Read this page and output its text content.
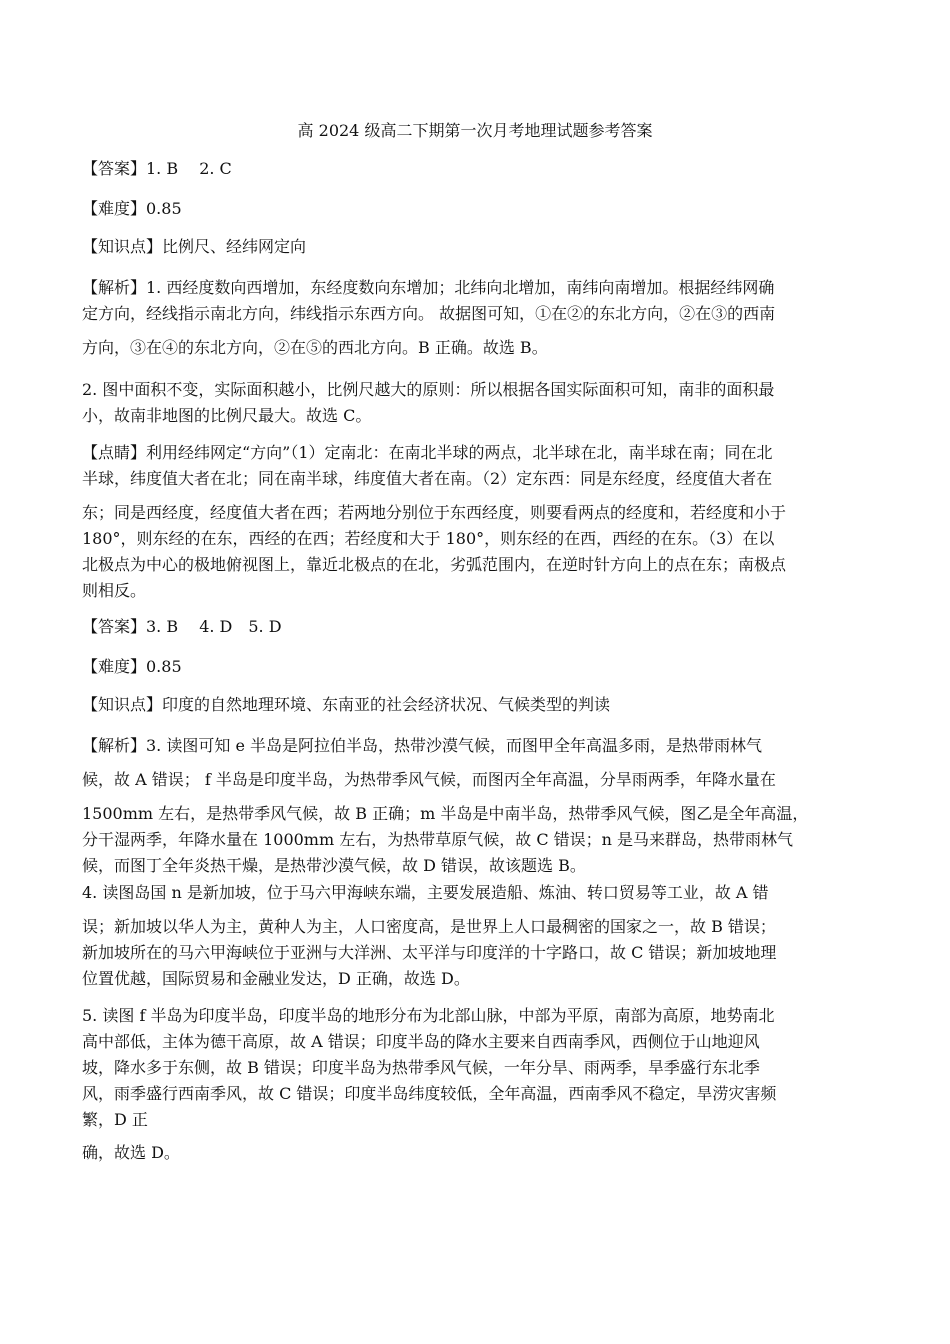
高 2024 级高二下期第一次月考地理试题参考答案

【答案】1. B　 2. C

【难度】0.85

【知识点】比例尺、经纬网定向

【解析】1. 西经度数向西增加，东经度数向东增加；北纬向北增加，南纬向南增加。根据经纬网确
定方向，经线指示南北方向，纬线指示东西方向。 故据图可知，①在②的东北方向，②在③的西南
方向，③在④的东北方向，②在⑤的西北方向。B 正确。故选 B。

2. 图中面积不变，实际面积越小，比例尺越大的原则：所以根据各国实际面积可知，南非的面积最
小，故南非地图的比例尺最大。故选 C。

【点睛】利用经纬网定“方向”（1）定南北：在南北半球的两点，北半球在北，南半球在南；同在北
半球，纬度值大者在北；同在南半球，纬度值大者在南。（2）定东西：同是东经度，经度值大者在
东；同是西经度，经度值大者在西；若两地分别位于东西经度，则要看两点的经度和，若经度和小于
180°，则东经的在东，西经的在西；若经度和大于 180°，则东经的在西，西经的在东。（3）在以
北极点为中心的极地俯视图上，靠近北极点的在北，劣弧范围内，在逆时针方向上的点在东；南极点
则相反。

【答案】3. B　 4. D　5. D

【难度】0.85

【知识点】印度的自然地理环境、东南亚的社会经济状况、气候类型的判读

【解析】3. 读图可知 e 半岛是阿拉伯半岛，热带沙漠气候，而图甲全年高温多雨，是热带雨林气
候，故 A 错误； f 半岛是印度半岛，为热带季风气候，而图丙全年高温，分旱雨两季，年降水量在
1500mm 左右，是热带季风气候，故 B 正确；m 半岛是中南半岛，热带季风气候，图乙是全年高温，
分干湿两季，年降水量在 1000mm 左右，为热带草原气候，故 C 错误；n 是马来群岛，热带雨林气
候，而图丁全年炎热干燥，是热带沙漠气候，故 D 错误，故该题选 B。

4. 读图岛国 n 是新加坡，位于马六甲海峡东端，主要发展造船、炼油、转口贸易等工业，故 A 错
误；新加坡以华人为主，黄种人为主，人口密度高，是世界上人口最稠密的国家之一，故 B 错误；
新加坡所在的马六甲海峡位于亚洲与大洋洲、太平洋与印度洋的十字路口，故 C 错误；新加坡地理
位置优越，国际贸易和金融业发达，D 正确，故选 D。

5. 读图 f 半岛为印度半岛，印度半岛的地形分布为北部山脉，中部为平原，南部为高原，地势南北
高中部低，主体为德干高原，故 A 错误；印度半岛的降水主要来自西南季风，西侧位于山地迎风
坡，降水多于东侧，故 B 错误；印度半岛为热带季风气候，一年分旱、雨两季，旱季盛行东北季
风，雨季盛行西南季风，故 C 错误；印度半岛纬度较低，全年高温，西南季风不稳定，旱涝灾害频
繁，D 正

确，故选 D。
